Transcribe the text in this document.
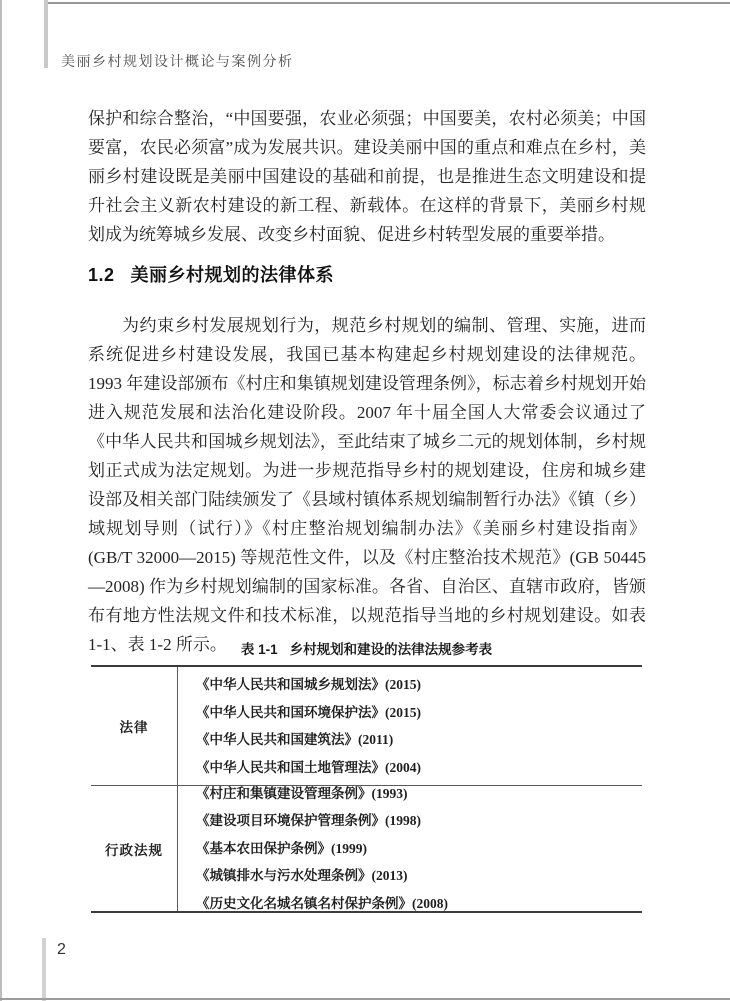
美丽乡村规划设计概论与案例分析
保护和综合整治，“中国要强，农业必须强；中国要美，农村必须美；中国要富，农民必须富”成为发展共识。建设美丽中国的重点和难点在乡村，美丽乡村建设既是美丽中国建设的基础和前提，也是推进生态文明建设和提升社会主义新农村建设的新工程、新载体。在这样的背景下，美丽乡村规划成为统筹城乡发展、改变乡村面貌、促进乡村转型发展的重要举措。
1.2 美丽乡村规划的法律体系
为约束乡村发展规划行为，规范乡村规划的编制、管理、实施，进而系统促进乡村建设发展，我国已基本构建起乡村规划建设的法律规范。1993 年建设部颁布《村庄和集镇规划建设管理条例》，标志着乡村规划开始进入规范发展和法治化建设阶段。2007 年十届全国人大常委会议通过了《中华人民共和国城乡规划法》，至此结束了城乡二元的规划体制，乡村规划正式成为法定规划。为进一步规范指导乡村的规划建设，住房和城乡建设部及相关部门陆续颁发了《县域村镇体系规划编制暂行办法》《镇（乡）域规划导则（试行）》《村庄整治规划编制办法》《美丽乡村建设指南》(GB/T 32000—2015) 等规范性文件，以及《村庄整治技术规范》(GB 50445—2008) 作为乡村规划编制的国家标准。各省、自治区、直辖市政府，皆颁布有地方性法规文件和技术标准，以规范指导当地的乡村规划建设。如表 1-1、表 1-2 所示。	表 1-1 乡村规划和建设的法律法规参考表
法律
《中华人民共和国城乡规划法》(2015)
《中华人民共和国环境保护法》(2015)
《中华人民共和国建筑法》(2011)
《中华人民共和国土地管理法》(2004)
行政法规
《村庄和集镇建设管理条例》(1993)
《建设项目环境保护管理条例》(1998)
《基本农田保护条例》(1999)
《城镇排水与污水处理条例》(2013)
《历史文化名城名镇名村保护条例》(2008)
2
